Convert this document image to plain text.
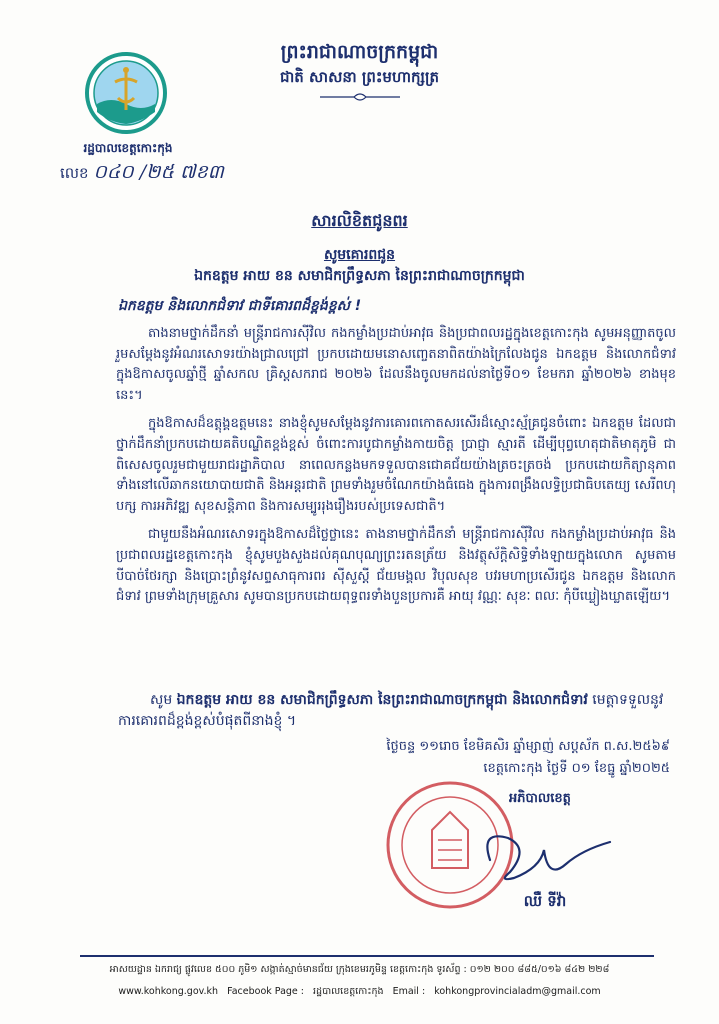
ព្រះរាជាណាចក្រកម្ពុជា
ជាតិ សាសនា ព្រះមហាក្សត្រ
រដ្ឋបាលខេត្តកោះកុង
លេខ ០៤០ /២៥ ៧ខ៣
សារលិខិតជូនពរ
សូមគោរពជូន
ឯកឧត្តម អាយ ខន សមាជិកព្រឹទ្ធសភា នៃព្រះរាជាណាចក្រកម្ពុជា
ឯកឧត្តម និងលោកជំទាវ ជាទីគោរពដ៏ខ្ពង់ខ្ពស់ !

តាងនាមថ្នាក់ដឹកនាំ មន្ត្រីរាជការស៊ីវិល កងកម្លាំងប្រដាប់អាវុធ និងប្រជាពលរដ្ឋក្នុងខេត្តកោះកុង សូមអនុញ្ញាតចូលរួមសម្តែងនូវអំណរសោទរយ៉ាងជ្រាលជ្រៅ ប្រកបដោយមនោសញ្ចេតនាពិតយ៉ាងក្រៃលែងជូន ឯកឧត្តម និងលោកជំទាវ ក្នុងឱកាសចូលឆ្នាំថ្មី ឆ្នាំសកល គ្រិស្តសករាជ ២០២៦ ដែលនឹងចូលមកដល់នាថ្ងៃទី០១ ខែមករា ឆ្នាំ២០២៦ ខាងមុខនេះ។

ក្នុងឱកាសដ៏ឧត្តុង្គឧត្តមនេះ នាងខ្ញុំសូមសម្តែងនូវការគោរពកោតសរសើរដ៏ស្មោះស្ម័គ្រជូនចំពោះ ឯកឧត្តម ដែលជាថ្នាក់ដឹកនាំប្រកបដោយគតិបណ្ឌិតខ្ពង់ខ្ពស់ ចំពោះការបូជាកម្លាំងកាយចិត្ត ប្រាជ្ញា ស្មារតី ដើម្បីបុព្វហេតុជាតិមាតុភូមិ ជាពិសេសចូលរួមជាមួយរាជរដ្ឋាភិបាល នាពេលកន្លងមកទទួលបានជោគជ័យយ៉ាងត្រចះត្រចង់ ប្រកបដោយកិត្យានុភាព ទាំងនៅលើឆាកនយោបាយជាតិ និងអន្តរជាតិ ព្រមទាំងរួមចំណែកយ៉ាងធំធេង ក្នុងការពង្រឹងលទ្ធិប្រជាធិបតេយ្យ សេរីពហុបក្ស ការអភិវឌ្ឍ សុខសន្តិភាព និងការសម្បូររុងរឿងរបស់ប្រទេសជាតិ។

ជាមួយនឹងអំណរសោទរក្នុងឱកាសដ៏ថ្លៃថ្លានេះ តាងនាមថ្នាក់ដឹកនាំ មន្ត្រីរាជការស៊ីវិល កងកម្លាំងប្រដាប់អាវុធ និងប្រជាពលរដ្ឋខេត្តកោះកុង ខ្ញុំសូមបួងសួងដល់គុណបុណ្យព្រះរតនត្រ័យ និងវត្ថុស័ក្តិសិទ្ធិទាំងឡាយក្នុងលោក សូមតាមបីបាច់ថែរក្សា និងប្រោះព្រំនូវសព្ទសាធុការពរ ស៊ីសួស្តី ជ័យមង្គល វិបុលសុខ បវរមហាប្រសើរជូន ឯកឧត្តម និងលោកជំទាវ ព្រមទាំងក្រុមគ្រួសារ សូមបានប្រកបដោយពុទ្ធពរទាំងបួនប្រការគឺ អាយុ វណ្ណៈ សុខៈ ពលៈ កុំបីឃ្លៀងឃ្លាតឡើយ។

សូម ឯកឧត្តម អាយ ខន សមាជិកព្រឹទ្ធសភា នៃព្រះរាជាណាចក្រកម្ពុជា និងលោកជំទាវ មេត្តាទទួលនូវការគោរពដ៏ខ្ពង់ខ្ពស់បំផុតពីនាងខ្ញុំ ។
ថ្ងៃចន្ទ ១១រោច ខែមិគសិរ ឆ្នាំម្សាញ់ សប្តស័ក ព.ស.២៥៦៩
ខេត្តកោះកុង ថ្ងៃទី ០១ ខែធ្នូ ឆ្នាំ២០២៥
អភិបាលខេត្ត
ឈឺ ទីវ៉ា
អាសយដ្ឋាន ឯករាជ្យ ផ្លូវលេខ ៥០០ ភូមិ១ សង្កាត់ស្មាច់មានជ័យ ក្រុងខេមរភូមិន្ទ ខេត្តកោះកុង ទូរស័ព្ទ : ០១២ ២០០ ៨៨៥/០១៦ ៨៤២ ២២៨
www.kohkong.gov.kh Facebook Page : រដ្ឋបាលខេត្តកោះកុង Email : kohkongprovincialadm@gmail.com
